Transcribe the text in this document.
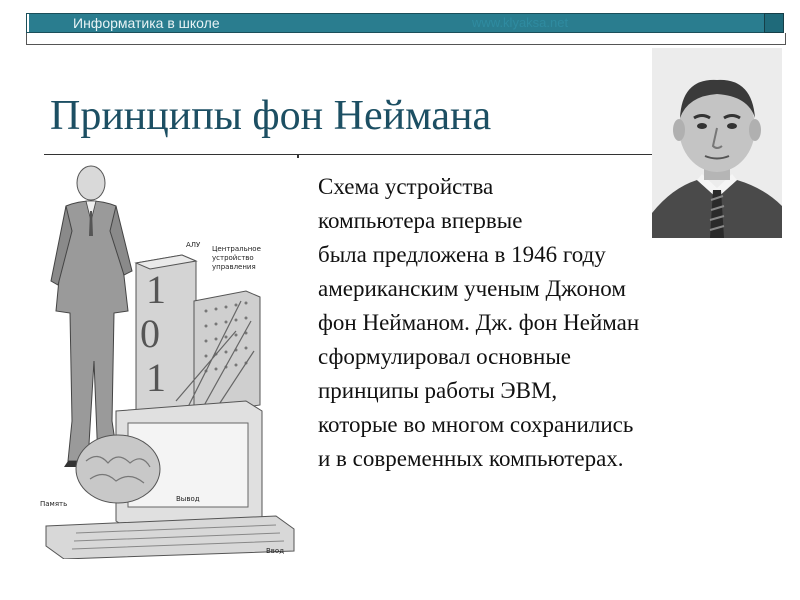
Информатика в школе	www.klyaksa.net
Принципы фон Неймана
Схема устройства
компьютера впервые
была предложена в 1946 году
американским ученым Джоном
фон Нейманом. Дж. фон Нейман
сформулировал основные
принципы работы ЭВМ,
которые во многом сохранились
и в современных компьютерах.
АЛУ
1
0
1
Центральное
устройство
управления
Вывод
Память
Ввод
